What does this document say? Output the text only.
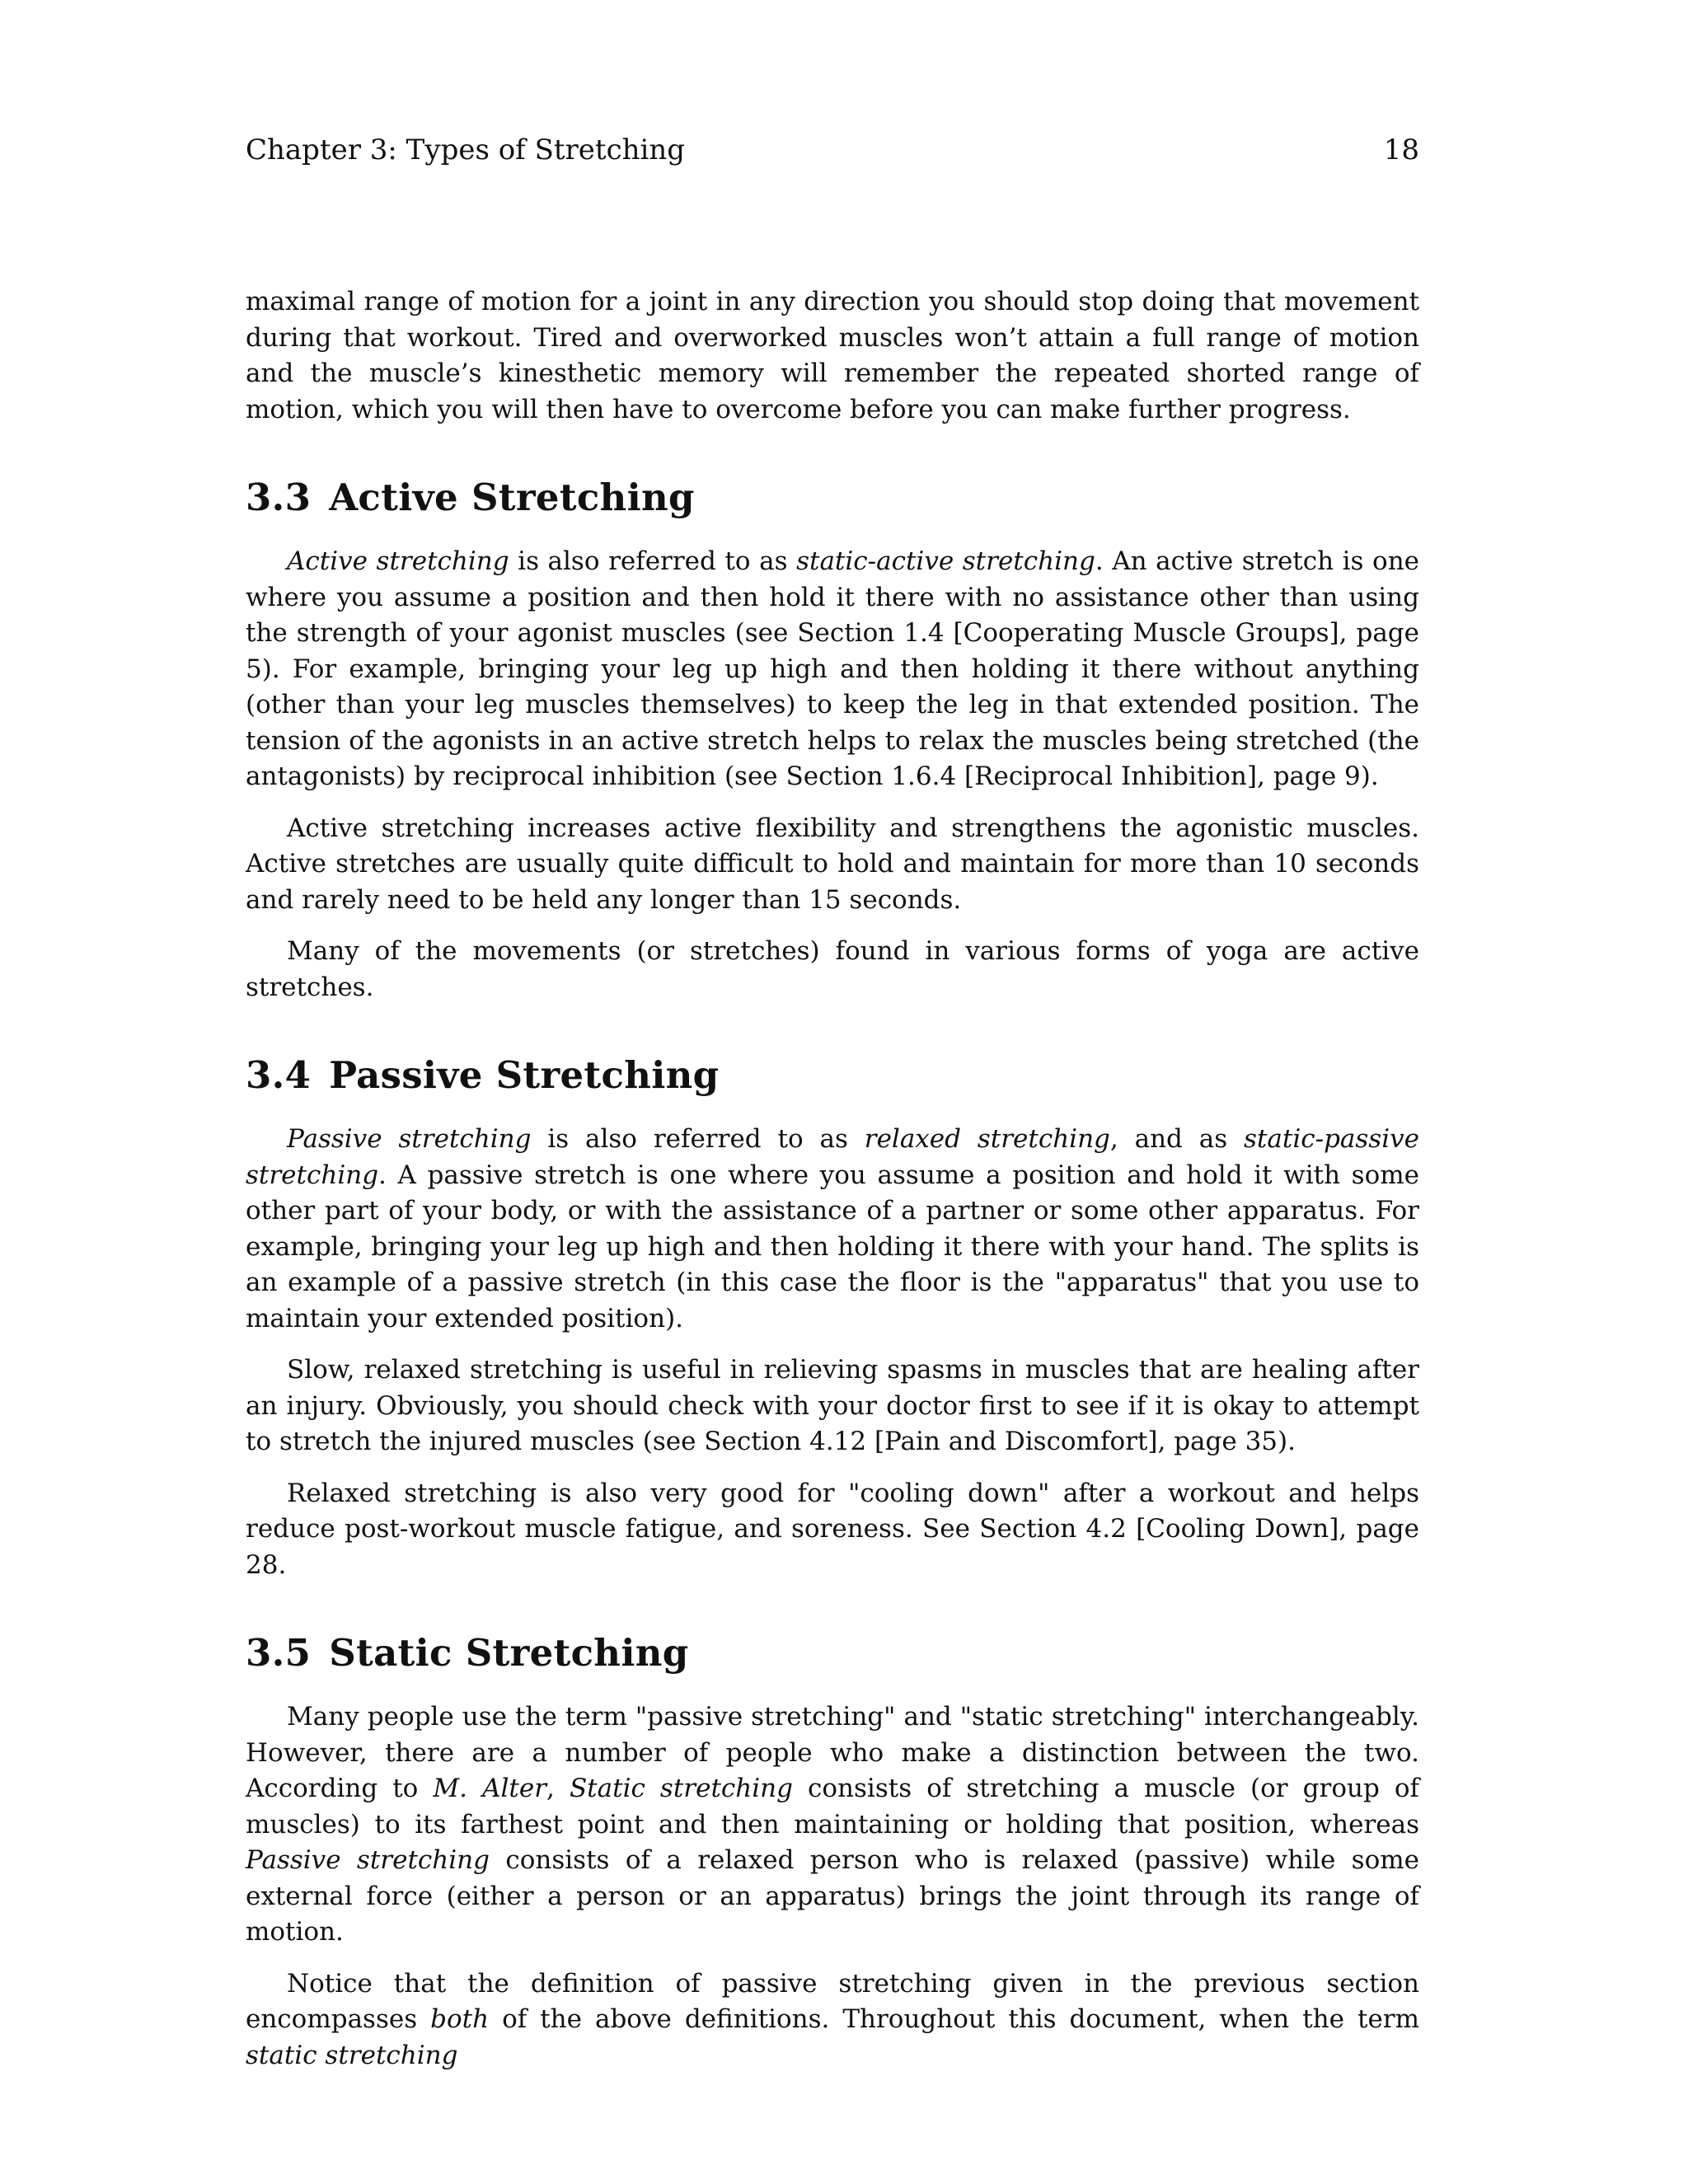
Chapter 3: Types of Stretching	18

maximal range of motion for a joint in any direction you should stop doing that movement during that workout. Tired and overworked muscles won’t attain a full range of motion and the muscle’s kinesthetic memory will remember the repeated shorted range of motion, which you will then have to overcome before you can make further progress.

3.3 Active Stretching

Active stretching is also referred to as static-active stretching. An active stretch is one where you assume a position and then hold it there with no assistance other than using the strength of your agonist muscles (see Section 1.4 [Cooperating Muscle Groups], page 5). For example, bringing your leg up high and then holding it there without anything (other than your leg muscles themselves) to keep the leg in that extended position. The tension of the agonists in an active stretch helps to relax the muscles being stretched (the antagonists) by reciprocal inhibition (see Section 1.6.4 [Reciprocal Inhibition], page 9).

Active stretching increases active flexibility and strengthens the agonistic muscles. Active stretches are usually quite difficult to hold and maintain for more than 10 seconds and rarely need to be held any longer than 15 seconds.

Many of the movements (or stretches) found in various forms of yoga are active stretches.

3.4 Passive Stretching

Passive stretching is also referred to as relaxed stretching, and as static-passive stretching. A passive stretch is one where you assume a position and hold it with some other part of your body, or with the assistance of a partner or some other apparatus. For example, bringing your leg up high and then holding it there with your hand. The splits is an example of a passive stretch (in this case the floor is the "apparatus" that you use to maintain your extended position).

Slow, relaxed stretching is useful in relieving spasms in muscles that are healing after an injury. Obviously, you should check with your doctor first to see if it is okay to attempt to stretch the injured muscles (see Section 4.12 [Pain and Discomfort], page 35).

Relaxed stretching is also very good for "cooling down" after a workout and helps reduce post-workout muscle fatigue, and soreness. See Section 4.2 [Cooling Down], page 28.

3.5 Static Stretching

Many people use the term "passive stretching" and "static stretching" interchangeably. However, there are a number of people who make a distinction between the two. According to M. Alter, Static stretching consists of stretching a muscle (or group of muscles) to its farthest point and then maintaining or holding that position, whereas Passive stretching consists of a relaxed person who is relaxed (passive) while some external force (either a person or an apparatus) brings the joint through its range of motion.

Notice that the definition of passive stretching given in the previous section encompasses both of the above definitions. Throughout this document, when the term static stretching
